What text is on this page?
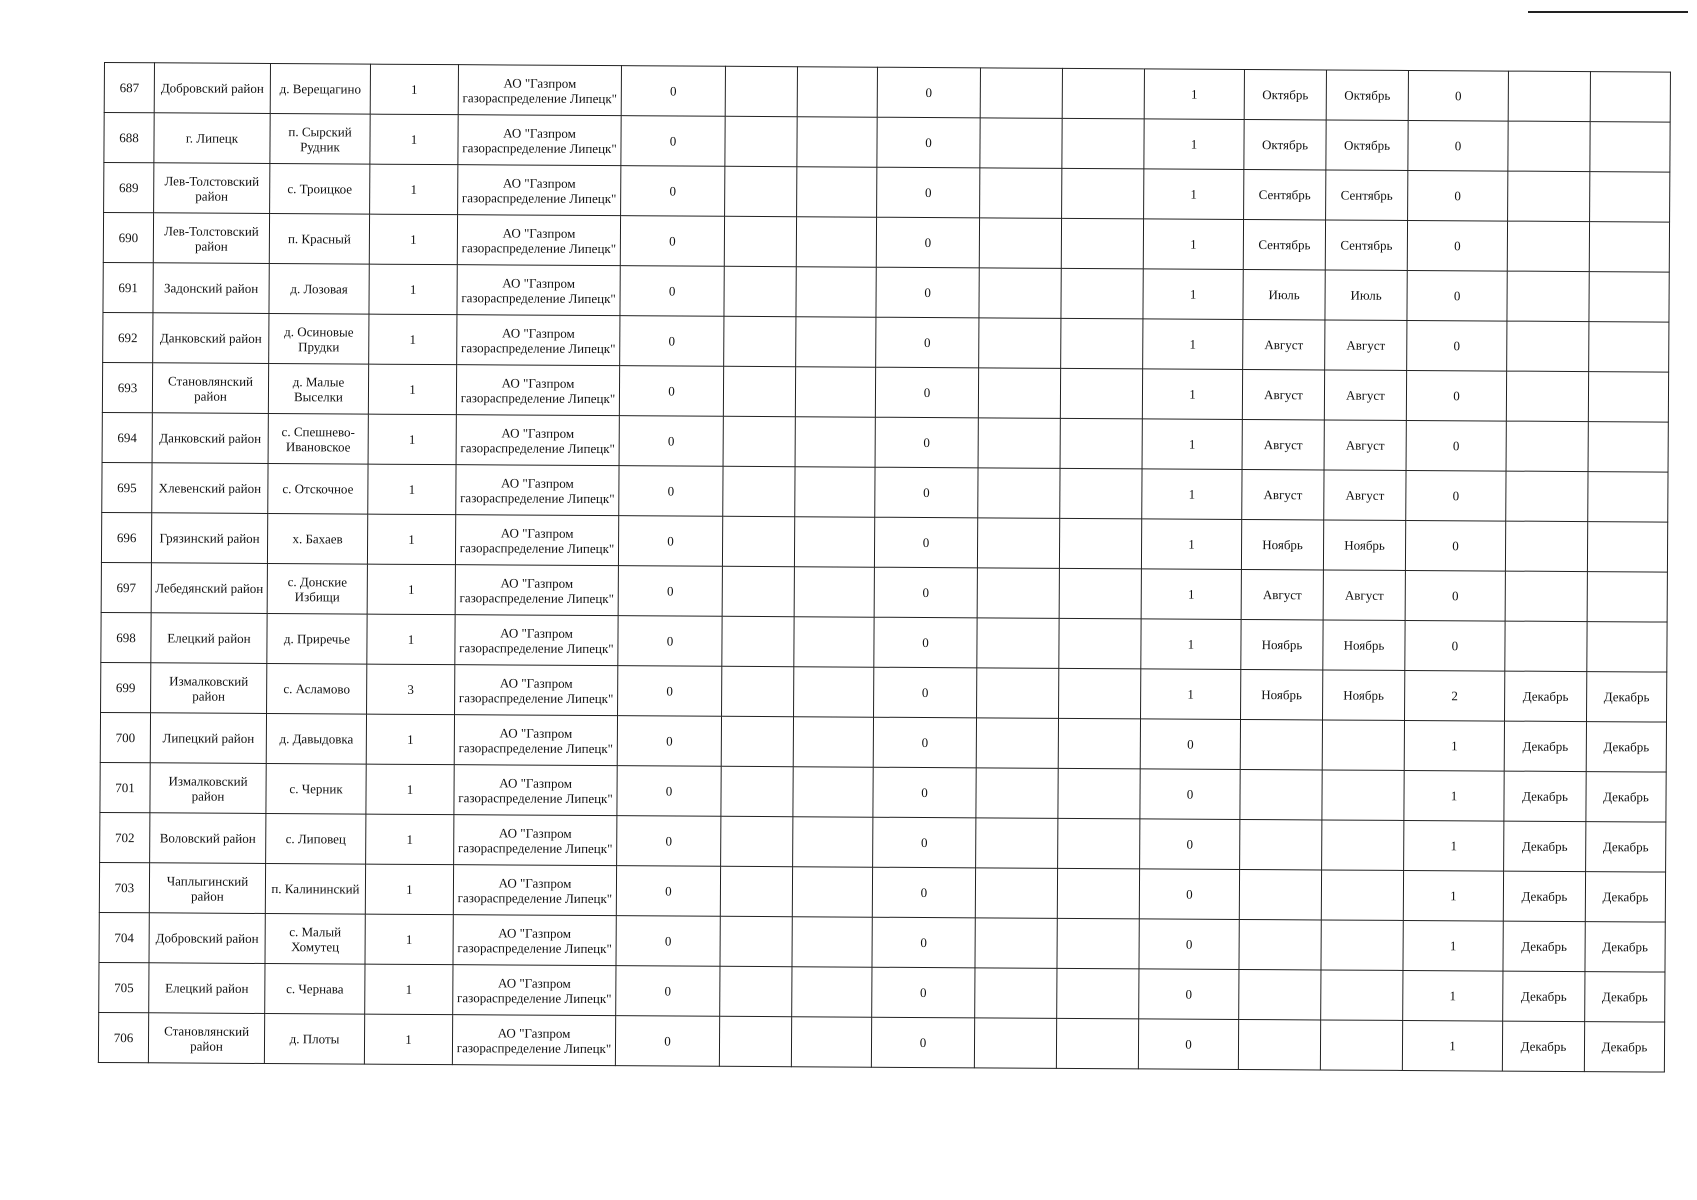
687	Добровский район	д. Верещагино	1	АО "Газпром газораспределение Липецк"	0			0			1	Октябрь	Октябрь	0		
688	г. Липецк	п. Сырский Рудник	1	АО "Газпром газораспределение Липецк"	0			0			1	Октябрь	Октябрь	0		
689	Лев-Толстовский район	с. Троицкое	1	АО "Газпром газораспределение Липецк"	0			0			1	Сентябрь	Сентябрь	0		
690	Лев-Толстовский район	п. Красный	1	АО "Газпром газораспределение Липецк"	0			0			1	Сентябрь	Сентябрь	0		
691	Задонский район	д. Лозовая	1	АО "Газпром газораспределение Липецк"	0			0			1	Июль	Июль	0		
692	Данковский район	д. Осиновые Прудки	1	АО "Газпром газораспределение Липецк"	0			0			1	Август	Август	0		
693	Становлянский район	д. Малые Выселки	1	АО "Газпром газораспределение Липецк"	0			0			1	Август	Август	0		
694	Данковский район	с. Спешнево-Ивановское	1	АО "Газпром газораспределение Липецк"	0			0			1	Август	Август	0		
695	Хлевенский район	с. Отскочное	1	АО "Газпром газораспределение Липецк"	0			0			1	Август	Август	0		
696	Грязинский район	х. Бахаев	1	АО "Газпром газораспределение Липецк"	0			0			1	Ноябрь	Ноябрь	0		
697	Лебедянский район	с. Донские Избищи	1	АО "Газпром газораспределение Липецк"	0			0			1	Август	Август	0		
698	Елецкий район	д. Приречье	1	АО "Газпром газораспределение Липецк"	0			0			1	Ноябрь	Ноябрь	0		
699	Измалковский район	с. Асламово	3	АО "Газпром газораспределение Липецк"	0			0			1	Ноябрь	Ноябрь	2	Декабрь	Декабрь
700	Липецкий район	д. Давыдовка	1	АО "Газпром газораспределение Липецк"	0			0			0			1	Декабрь	Декабрь
701	Измалковский район	с. Черник	1	АО "Газпром газораспределение Липецк"	0			0			0			1	Декабрь	Декабрь
702	Воловский район	с. Липовец	1	АО "Газпром газораспределение Липецк"	0			0			0			1	Декабрь	Декабрь
703	Чаплыгинский район	п. Калининский	1	АО "Газпром газораспределение Липецк"	0			0			0			1	Декабрь	Декабрь
704	Добровский район	с. Малый Хомутец	1	АО "Газпром газораспределение Липецк"	0			0			0			1	Декабрь	Декабрь
705	Елецкий район	с. Чернава	1	АО "Газпром газораспределение Липецк"	0			0			0			1	Декабрь	Декабрь
706	Становлянский район	д. Плоты	1	АО "Газпром газораспределение Липецк"	0			0			0			1	Декабрь	Декабрь
